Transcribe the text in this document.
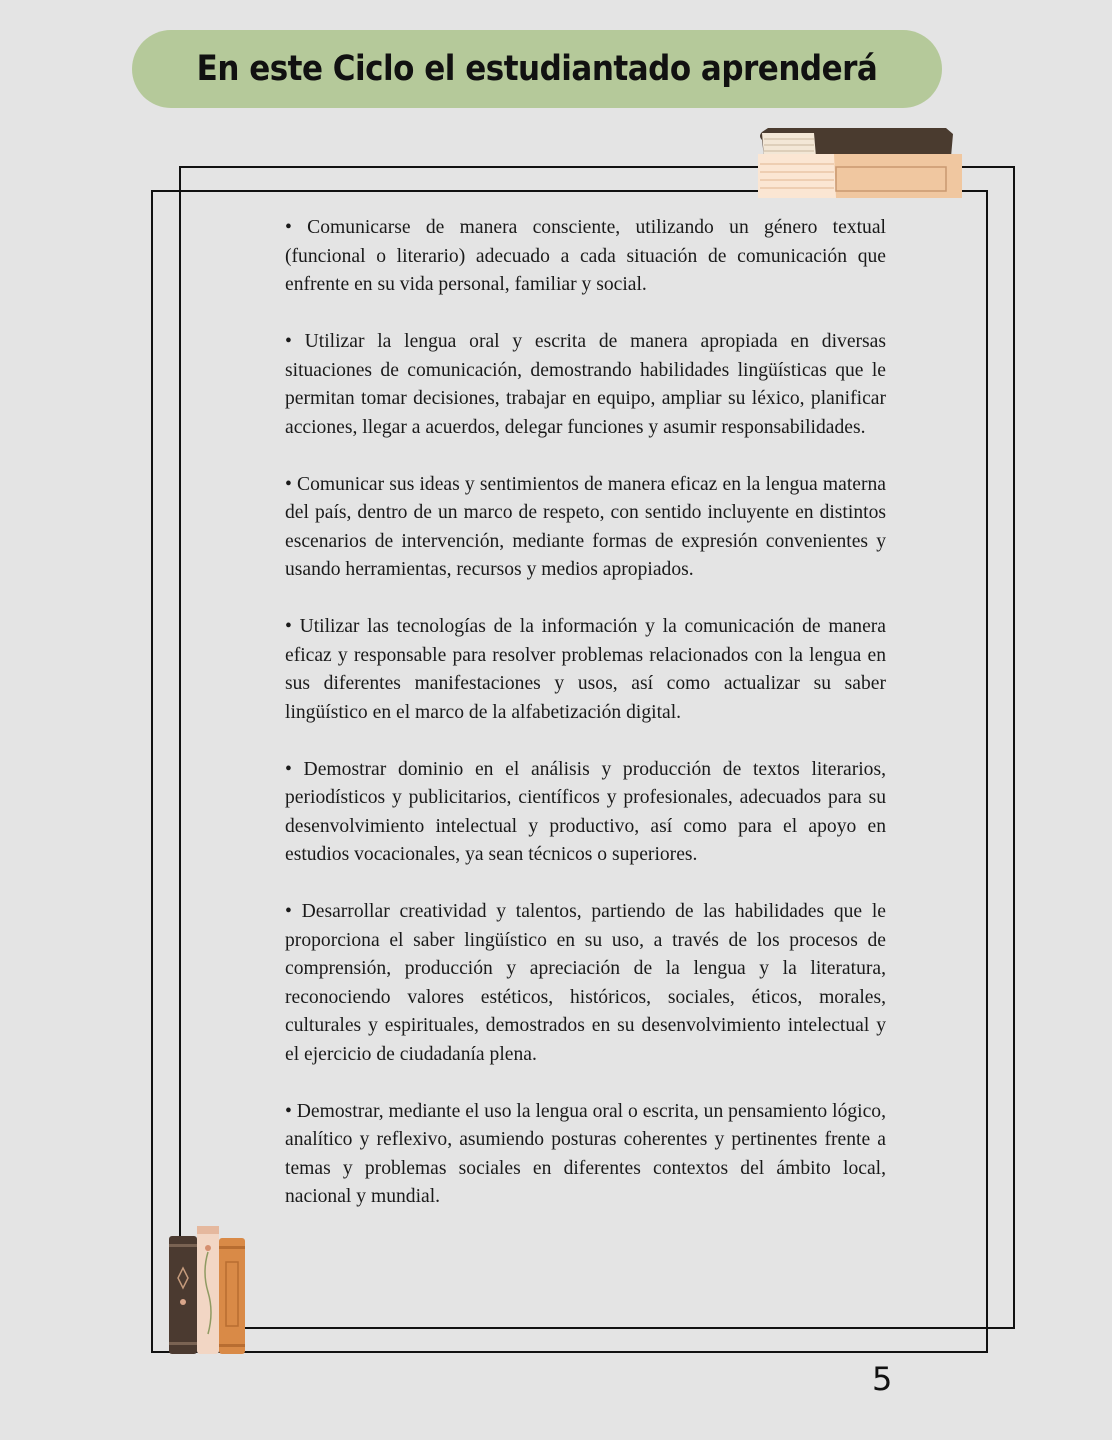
En este Ciclo el estudiantado aprenderá

• Comunicarse de manera consciente, utilizando un género textual (funcional o literario) adecuado a cada situación de comunicación que enfrente en su vida personal, familiar y social.

• Utilizar la lengua oral y escrita de manera apropiada en diversas situaciones de comunicación, demostrando habilidades lingüísticas que le permitan tomar decisiones, trabajar en equipo, ampliar su léxico, planificar acciones, llegar a acuerdos, delegar funciones y asumir responsabilidades.

• Comunicar sus ideas y sentimientos de manera eficaz en la lengua materna del país, dentro de un marco de respeto, con sentido incluyente en distintos escenarios de intervención, mediante formas de expresión convenientes y usando herramientas, recursos y medios apropiados.

• Utilizar las tecnologías de la información y la comunicación de manera eficaz y responsable para resolver problemas relacionados con la lengua en sus diferentes manifestaciones y usos, así como actualizar su saber lingüístico en el marco de la alfabetización digital.

• Demostrar dominio en el análisis y producción de textos literarios, periodísticos y publicitarios, científicos y profesionales, adecuados para su desenvolvimiento intelectual y productivo, así como para el apoyo en estudios vocacionales, ya sean técnicos o superiores.

• Desarrollar creatividad y talentos, partiendo de las habilidades que le proporciona el saber lingüístico en su uso, a través de los procesos de comprensión, producción y apreciación de la lengua y la literatura, reconociendo valores estéticos, históricos, sociales, éticos, morales, culturales y espirituales, demostrados en su desenvolvimiento intelectual y el ejercicio de ciudadanía plena.

• Demostrar, mediante el uso la lengua oral o escrita, un pensamiento lógico, analítico y reflexivo, asumiendo posturas coherentes y pertinentes frente a temas y problemas sociales en diferentes contextos del ámbito local, nacional y mundial.

5
